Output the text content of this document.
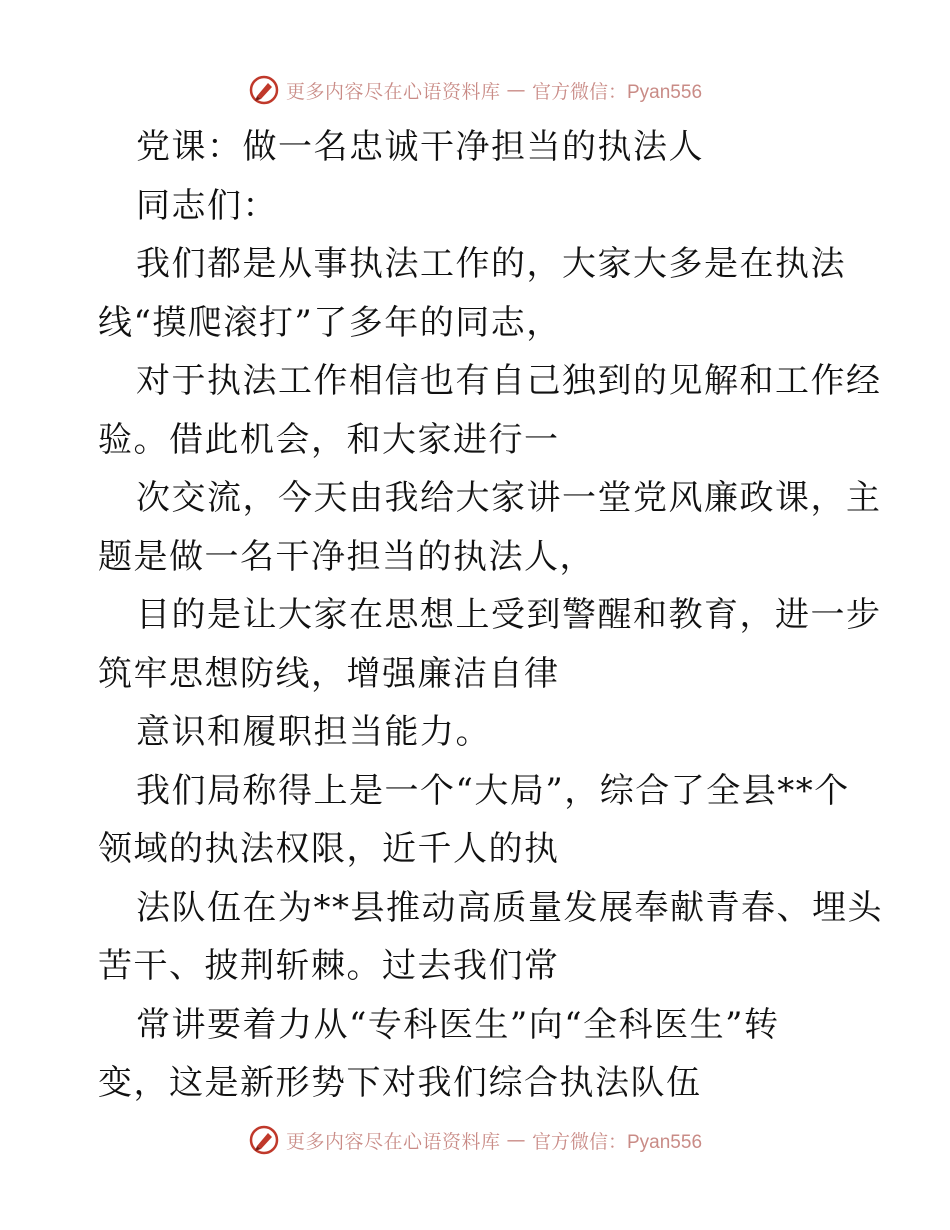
更多内容尽在心语资料库 — 官方微信：Pyan556
党课：做一名忠诚干净担当的执法人
同志们：
我们都是从事执法工作的，大家大多是在执法
线“摸爬滚打”了多年的同志，
对于执法工作相信也有自己独到的见解和工作经
验。借此机会，和大家进行一
次交流，今天由我给大家讲一堂党风廉政课，主
题是做一名干净担当的执法人，
目的是让大家在思想上受到警醒和教育，进一步
筑牢思想防线，增强廉洁自律
意识和履职担当能力。
我们局称得上是一个“大局”，综合了全县**个
领域的执法权限，近千人的执
法队伍在为**县推动高质量发展奉献青春、埋头
苦干、披荆斩棘。过去我们常
常讲要着力从“专科医生”向“全科医生”转
变，这是新形势下对我们综合执法队伍
更多内容尽在心语资料库 — 官方微信：Pyan556
